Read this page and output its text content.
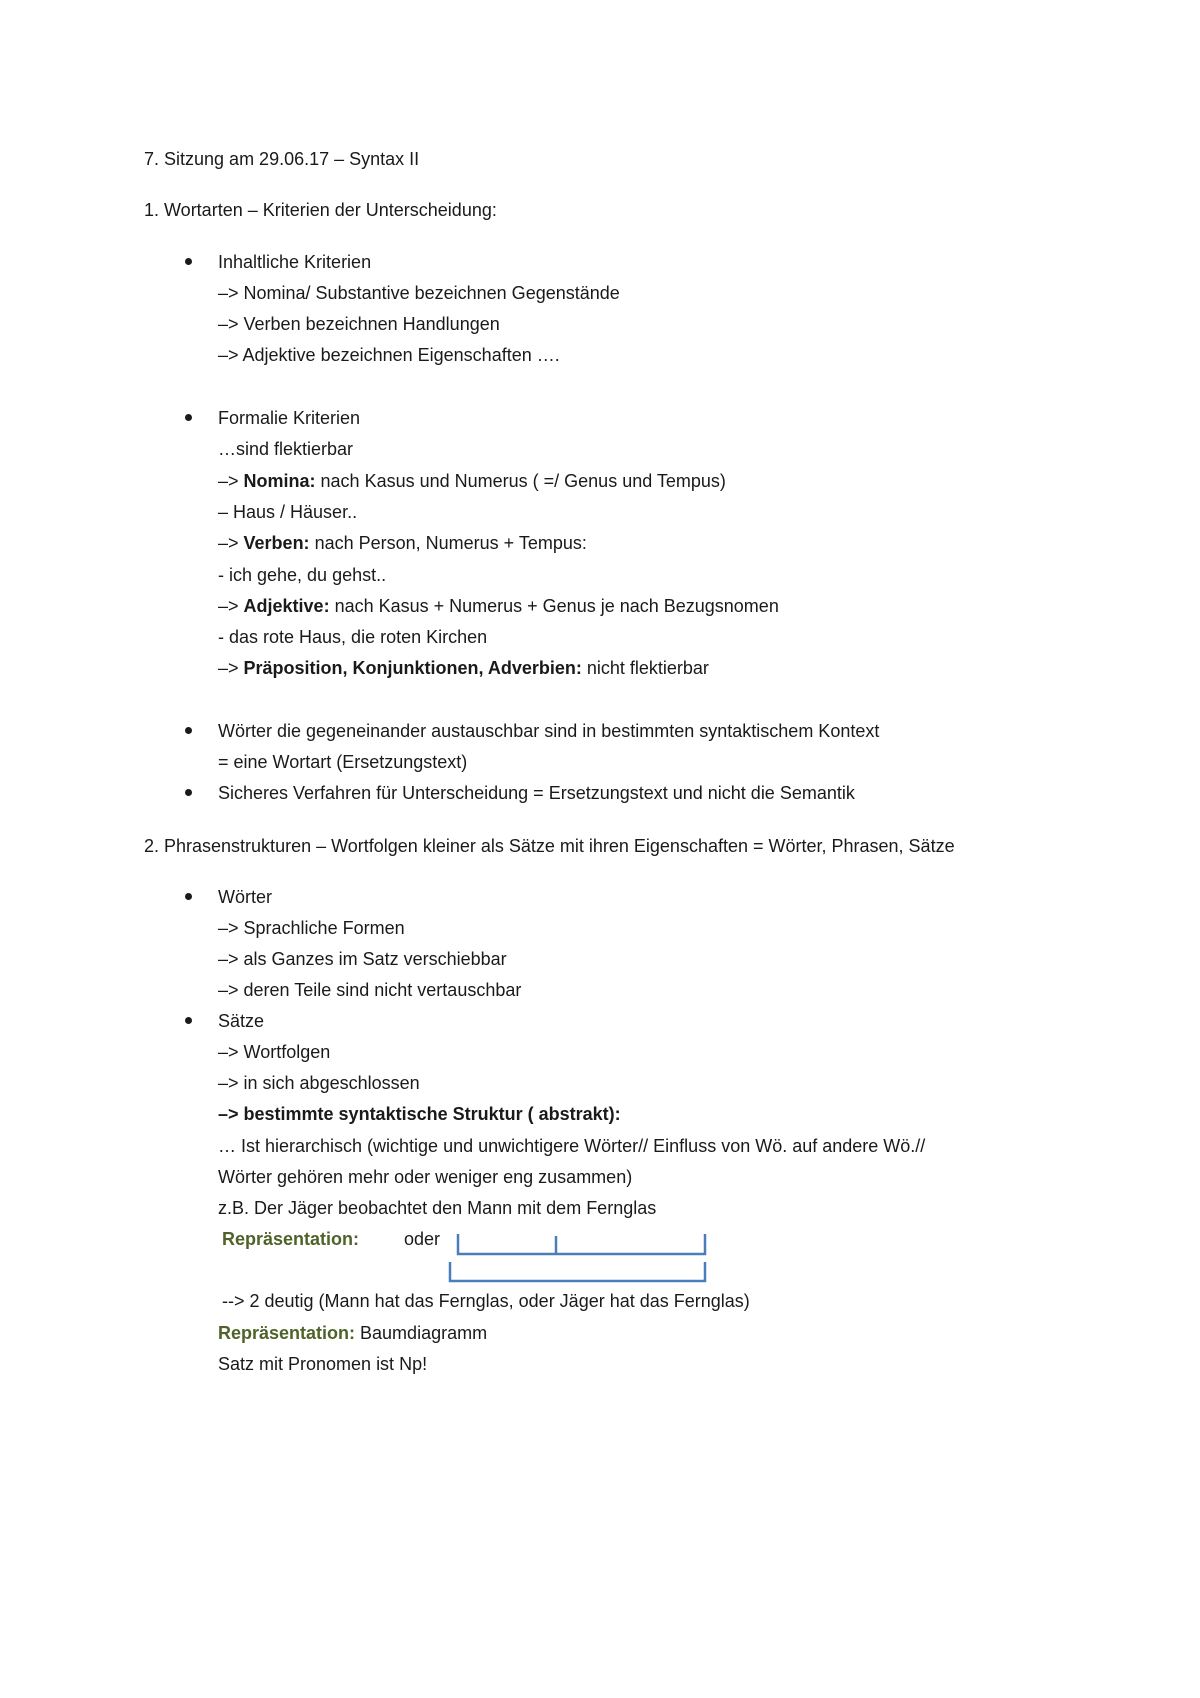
7. Sitzung am 29.06.17 – Syntax II
1. Wortarten – Kriterien der Unterscheidung:
Inhaltliche Kriterien
–> Nomina/ Substantive bezeichnen Gegenstände
–> Verben bezeichnen Handlungen
–> Adjektive bezeichnen Eigenschaften ….
Formalie Kriterien
…sind flektierbar
–> Nomina: nach Kasus und Numerus ( =/ Genus und Tempus)
– Haus / Häuser..
–> Verben: nach Person, Numerus + Tempus:
- ich gehe, du gehst..
–> Adjektive: nach Kasus + Numerus + Genus je nach Bezugsnomen
- das rote Haus, die roten Kirchen
–> Präposition, Konjunktionen, Adverbien: nicht flektierbar
Wörter die gegeneinander austauschbar sind in bestimmten syntaktischem Kontext
= eine Wortart (Ersetzungstext)
Sicheres Verfahren für Unterscheidung = Ersetzungstext und nicht die Semantik
2. Phrasenstrukturen – Wortfolgen kleiner als Sätze mit ihren Eigenschaften = Wörter, Phrasen, Sätze
Wörter
–> Sprachliche Formen
–> als Ganzes im Satz verschiebbar
–> deren Teile sind nicht vertauschbar
Sätze
–> Wortfolgen
–> in sich abgeschlossen
–> bestimmte syntaktische Struktur ( abstrakt):
… Ist hierarchisch (wichtige und unwichtigere Wörter// Einfluss von Wö. auf andere Wö.//
Wörter gehören mehr oder weniger eng zusammen)
z.B. Der Jäger beobachtet den Mann mit dem Fernglas
Repräsentation: oder
--> 2 deutig (Mann hat das Fernglas, oder Jäger hat das Fernglas)
Repräsentation: Baumdiagramm
Satz mit Pronomen ist Np!
